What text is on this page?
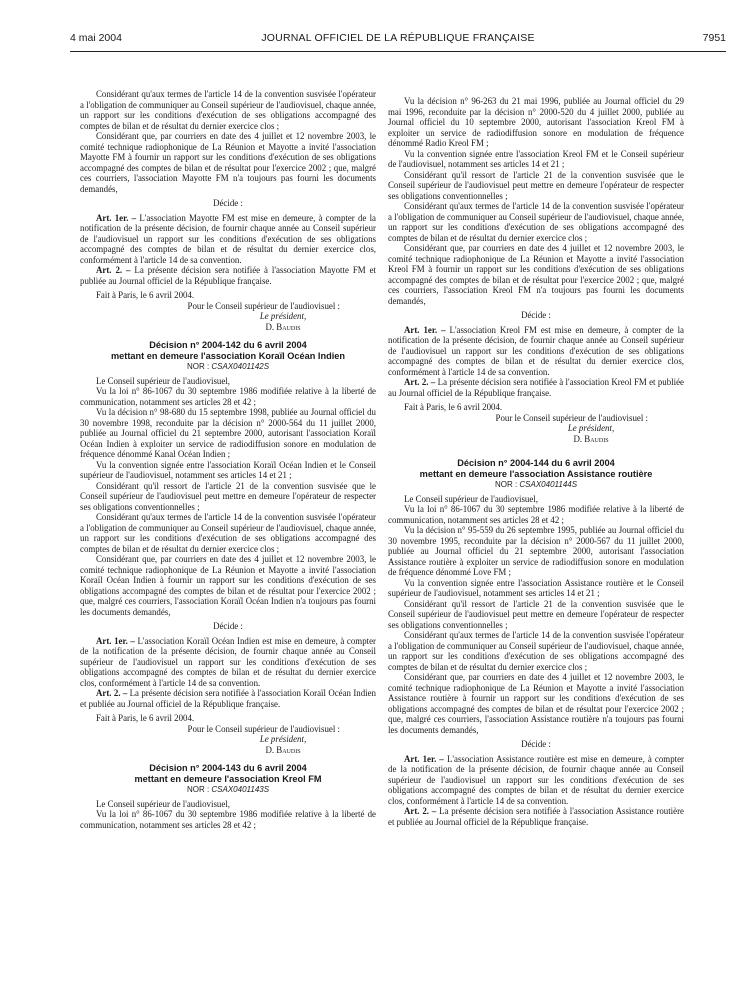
4 mai 2004	JOURNAL OFFICIEL DE LA RÉPUBLIQUE FRANÇAISE	7951

Considérant qu'aux termes de l'article 14 de la convention susvisée l'opérateur a l'obligation de communiquer au Conseil supérieur de l'audiovisuel, chaque année, un rapport sur les conditions d'exécution de ses obligations accompagné des comptes de bilan et de résultat du dernier exercice clos ;

Considérant que, par courriers en date des 4 juillet et 12 novembre 2003, le comité technique radiophonique de La Réunion et Mayotte a invité l'association Mayotte FM à fournir un rapport sur les conditions d'exécution de ses obligations accompagné des comptes de bilan et de résultat pour l'exercice 2002 ; que, malgré ces courriers, l'association Mayotte FM n'a toujours pas fourni les documents demandés,

Décide :

Art. 1er. – L'association Mayotte FM est mise en demeure, à compter de la notification de la présente décision, de fournir chaque année au Conseil supérieur de l'audiovisuel un rapport sur les conditions d'exécution de ses obligations accompagné des comptes de bilan et de résultat du dernier exercice clos, conformément à l'article 14 de sa convention.

Art. 2. – La présente décision sera notifiée à l'association Mayotte FM et publiée au Journal officiel de la République française.

Fait à Paris, le 6 avril 2004.

Pour le Conseil supérieur de l'audiovisuel :

Le président,

D. Baudis

Décision n° 2004-142 du 6 avril 2004
mettant en demeure l'association Koraïl Océan Indien
NOR : CSAX0401142S

Le Conseil supérieur de l'audiovisuel,

Vu la loi n° 86-1067 du 30 septembre 1986 modifiée relative à la liberté de communication, notamment ses articles 28 et 42 ;

Vu la décision n° 98-680 du 15 septembre 1998, publiée au Journal officiel du 30 novembre 1998, reconduite par la décision n° 2000-564 du 11 juillet 2000, publiée au Journal officiel du 21 septembre 2000, autorisant l'association Koraïl Océan Indien à exploiter un service de radiodiffusion sonore en modulation de fréquence dénommé Kanal Océan Indien ;

Vu la convention signée entre l'association Koraïl Océan Indien et le Conseil supérieur de l'audiovisuel, notamment ses articles 14 et 21 ;

Considérant qu'il ressort de l'article 21 de la convention susvisée que le Conseil supérieur de l'audiovisuel peut mettre en demeure l'opérateur de respecter ses obligations conventionnelles ;

Considérant qu'aux termes de l'article 14 de la convention susvisée l'opérateur a l'obligation de communiquer au Conseil supérieur de l'audiovisuel, chaque année, un rapport sur les conditions d'exécution de ses obligations accompagné des comptes de bilan et de résultat du dernier exercice clos ;

Considérant que, par courriers en date des 4 juillet et 12 novembre 2003, le comité technique radiophonique de La Réunion et Mayotte a invité l'association Koraïl Océan Indien à fournir un rapport sur les conditions d'exécution de ses obligations accompagné des comptes de bilan et de résultat pour l'exercice 2002 ; que, malgré ces courriers, l'association Koraïl Océan Indien n'a toujours pas fourni les documents demandés,

Décide :

Art. 1er. – L'association Koraïl Océan Indien est mise en demeure, à compter de la notification de la présente décision, de fournir chaque année au Conseil supérieur de l'audiovisuel un rapport sur les conditions d'exécution de ses obligations accompagné des comptes de bilan et de résultat du dernier exercice clos, conformément à l'article 14 de sa convention.

Art. 2. – La présente décision sera notifiée à l'association Koraïl Océan Indien et publiée au Journal officiel de la République française.

Fait à Paris, le 6 avril 2004.

Pour le Conseil supérieur de l'audiovisuel :

Le président,

D. Baudis

Décision n° 2004-143 du 6 avril 2004
mettant en demeure l'association Kreol FM
NOR : CSAX0401143S

Le Conseil supérieur de l'audiovisuel,

Vu la loi n° 86-1067 du 30 septembre 1986 modifiée relative à la liberté de communication, notamment ses articles 28 et 42 ;

Vu la décision n° 96-263 du 21 mai 1996, publiée au Journal officiel du 29 mai 1996, reconduite par la décision n° 2000-520 du 4 juillet 2000, publiée au Journal officiel du 10 septembre 2000, autorisant l'association Kreol FM à exploiter un service de radiodiffusion sonore en modulation de fréquence dénommé Radio Kreol FM ;

Vu la convention signée entre l'association Kreol FM et le Conseil supérieur de l'audiovisuel, notamment ses articles 14 et 21 ;

Considérant qu'il ressort de l'article 21 de la convention susvisée que le Conseil supérieur de l'audiovisuel peut mettre en demeure l'opérateur de respecter ses obligations conventionnelles ;

Considérant qu'aux termes de l'article 14 de la convention susvisée l'opérateur a l'obligation de communiquer au Conseil supérieur de l'audiovisuel, chaque année, un rapport sur les conditions d'exécution de ses obligations accompagné des comptes de bilan et de résultat du dernier exercice clos ;

Considérant que, par courriers en date des 4 juillet et 12 novembre 2003, le comité technique radiophonique de La Réunion et Mayotte a invité l'association Kreol FM à fournir un rapport sur les conditions d'exécution de ses obligations accompagné des comptes de bilan et de résultat pour l'exercice 2002 ; que, malgré ces courriers, l'association Kreol FM n'a toujours pas fourni les documents demandés,

Décide :

Art. 1er. – L'association Kreol FM est mise en demeure, à compter de la notification de la présente décision, de fournir chaque année au Conseil supérieur de l'audiovisuel un rapport sur les conditions d'exécution de ses obligations accompagné des comptes de bilan et de résultat du dernier exercice clos, conformément à l'article 14 de sa convention.

Art. 2. – La présente décision sera notifiée à l'association Kreol FM et publiée au Journal officiel de la République française.

Fait à Paris, le 6 avril 2004.

Pour le Conseil supérieur de l'audiovisuel :

Le président,

D. Baudis

Décision n° 2004-144 du 6 avril 2004
mettant en demeure l'association Assistance routière
NOR : CSAX0401144S

Le Conseil supérieur de l'audiovisuel,

Vu la loi n° 86-1067 du 30 septembre 1986 modifiée relative à la liberté de communication, notamment ses articles 28 et 42 ;

Vu la décision n° 95-559 du 26 septembre 1995, publiée au Journal officiel du 30 novembre 1995, reconduite par la décision n° 2000-567 du 11 juillet 2000, publiée au Journal officiel du 21 septembre 2000, autorisant l'association Assistance routière à exploiter un service de radiodiffusion sonore en modulation de fréquence dénommé Love FM ;

Vu la convention signée entre l'association Assistance routière et le Conseil supérieur de l'audiovisuel, notamment ses articles 14 et 21 ;

Considérant qu'il ressort de l'article 21 de la convention susvisée que le Conseil supérieur de l'audiovisuel peut mettre en demeure l'opérateur de respecter ses obligations conventionnelles ;

Considérant qu'aux termes de l'article 14 de la convention susvisée l'opérateur a l'obligation de communiquer au Conseil supérieur de l'audiovisuel, chaque année, un rapport sur les conditions d'exécution de ses obligations accompagné des comptes de bilan et de résultat du dernier exercice clos ;

Considérant que, par courriers en date des 4 juillet et 12 novembre 2003, le comité technique radiophonique de La Réunion et Mayotte a invité l'association Assistance routière à fournir un rapport sur les conditions d'exécution de ses obligations accompagné des comptes de bilan et de résultat pour l'exercice 2002 ; que, malgré ces courriers, l'association Assistance routière n'a toujours pas fourni les documents demandés,

Décide :

Art. 1er. – L'association Assistance routière est mise en demeure, à compter de la notification de la présente décision, de fournir chaque année au Conseil supérieur de l'audiovisuel un rapport sur les conditions d'exécution de ses obligations accompagné des comptes de bilan et de résultat du dernier exercice clos, conformément à l'article 14 de sa convention.

Art. 2. – La présente décision sera notifiée à l'association Assistance routière et publiée au Journal officiel de la République française.
